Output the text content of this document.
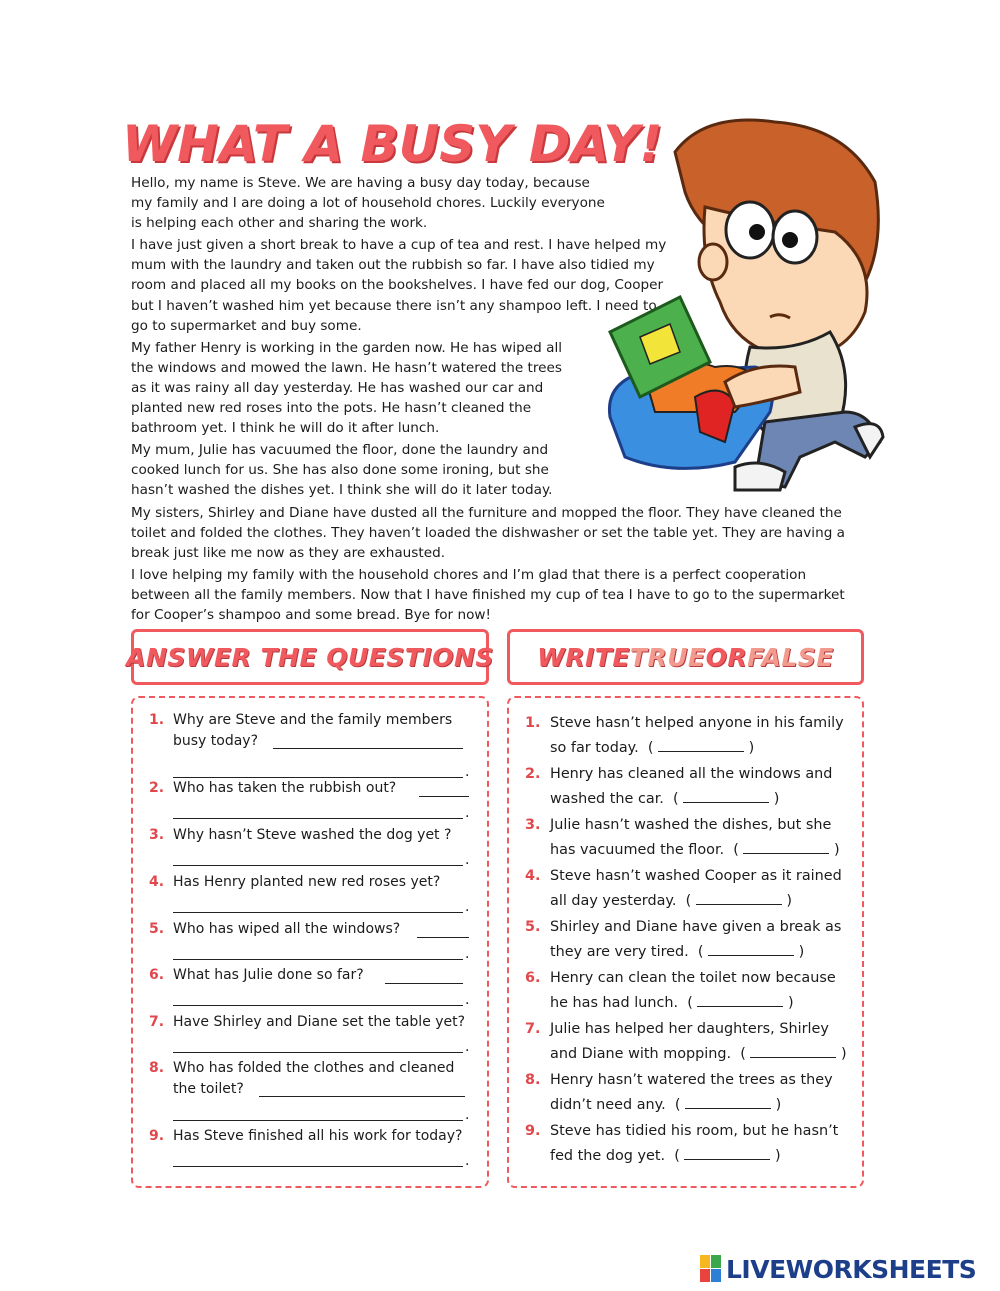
WHAT A BUSY DAY!

Hello, my name is Steve. We are having a busy day today, because my family and I are doing a lot of household chores. Luckily everyone is helping each other and sharing the work.

I have just given a short break to have a cup of tea and rest. I have helped my mum with the laundry and taken out the rubbish so far. I have also tidied my room and placed all my books on the bookshelves. I have fed our dog, Cooper but I haven’t washed him yet because there isn’t any shampoo left. I need to go to supermarket and buy some.

My father Henry is working in the garden now. He has wiped all the windows and mowed the lawn. He hasn’t watered the trees as it was rainy all day yesterday. He has washed our car and planted new red roses into the pots. He hasn’t cleaned the bathroom yet. I think he will do it after lunch.

My mum, Julie has vacuumed the floor, done the laundry and cooked lunch for us. She has also done some ironing, but she hasn’t washed the dishes yet. I think she will do it later today.

My sisters, Shirley and Diane have dusted all the furniture and mopped the floor. They have cleaned the toilet and folded the clothes. They haven’t loaded the dishwasher or set the table yet. They are having a break just like me now as they are exhausted.

I love helping my family with the household chores and I’m glad that there is a perfect cooperation between all the family members. Now that I have finished my cup of tea I have to go to the supermarket for Cooper’s shampoo and some bread. Bye for now!

ANSWER THE QUESTIONS WRITE TRUE OR FALSE
1. Why are Steve and the family members
busy today?
.
2. Who has taken the rubbish out?
.
3. Why hasn’t Steve washed the dog yet ?
.
4. Has Henry planted new red roses yet?
.
5. Who has wiped all the windows?
.
6. What has Julie done so far?
.
7. Have Shirley and Diane set the table yet?
.
8. Who has folded the clothes and cleaned
the toilet?
.
9. Has Steve finished all his work for today?
.
1. Steve hasn’t helped anyone in his family
so far today.  (	)
2. Henry has cleaned all the windows and
washed the car.  (	)
3. Julie hasn’t washed the dishes, but she
has vacuumed the floor.  (	)
4. Steve hasn’t washed Cooper as it rained
all day yesterday.  (	)
5. Shirley and Diane have given a break as
they are very tired.  (	)
6. Henry can clean the toilet now because
he has had lunch.  (	)
7. Julie has helped her daughters, Shirley
and Diane with mopping.  (	)
8. Henry hasn’t watered the trees as they
didn’t need any.  (	)
9. Steve has tidied his room, but he hasn’t
fed the dog yet.  (	)
LIVEWORKSHEETS
